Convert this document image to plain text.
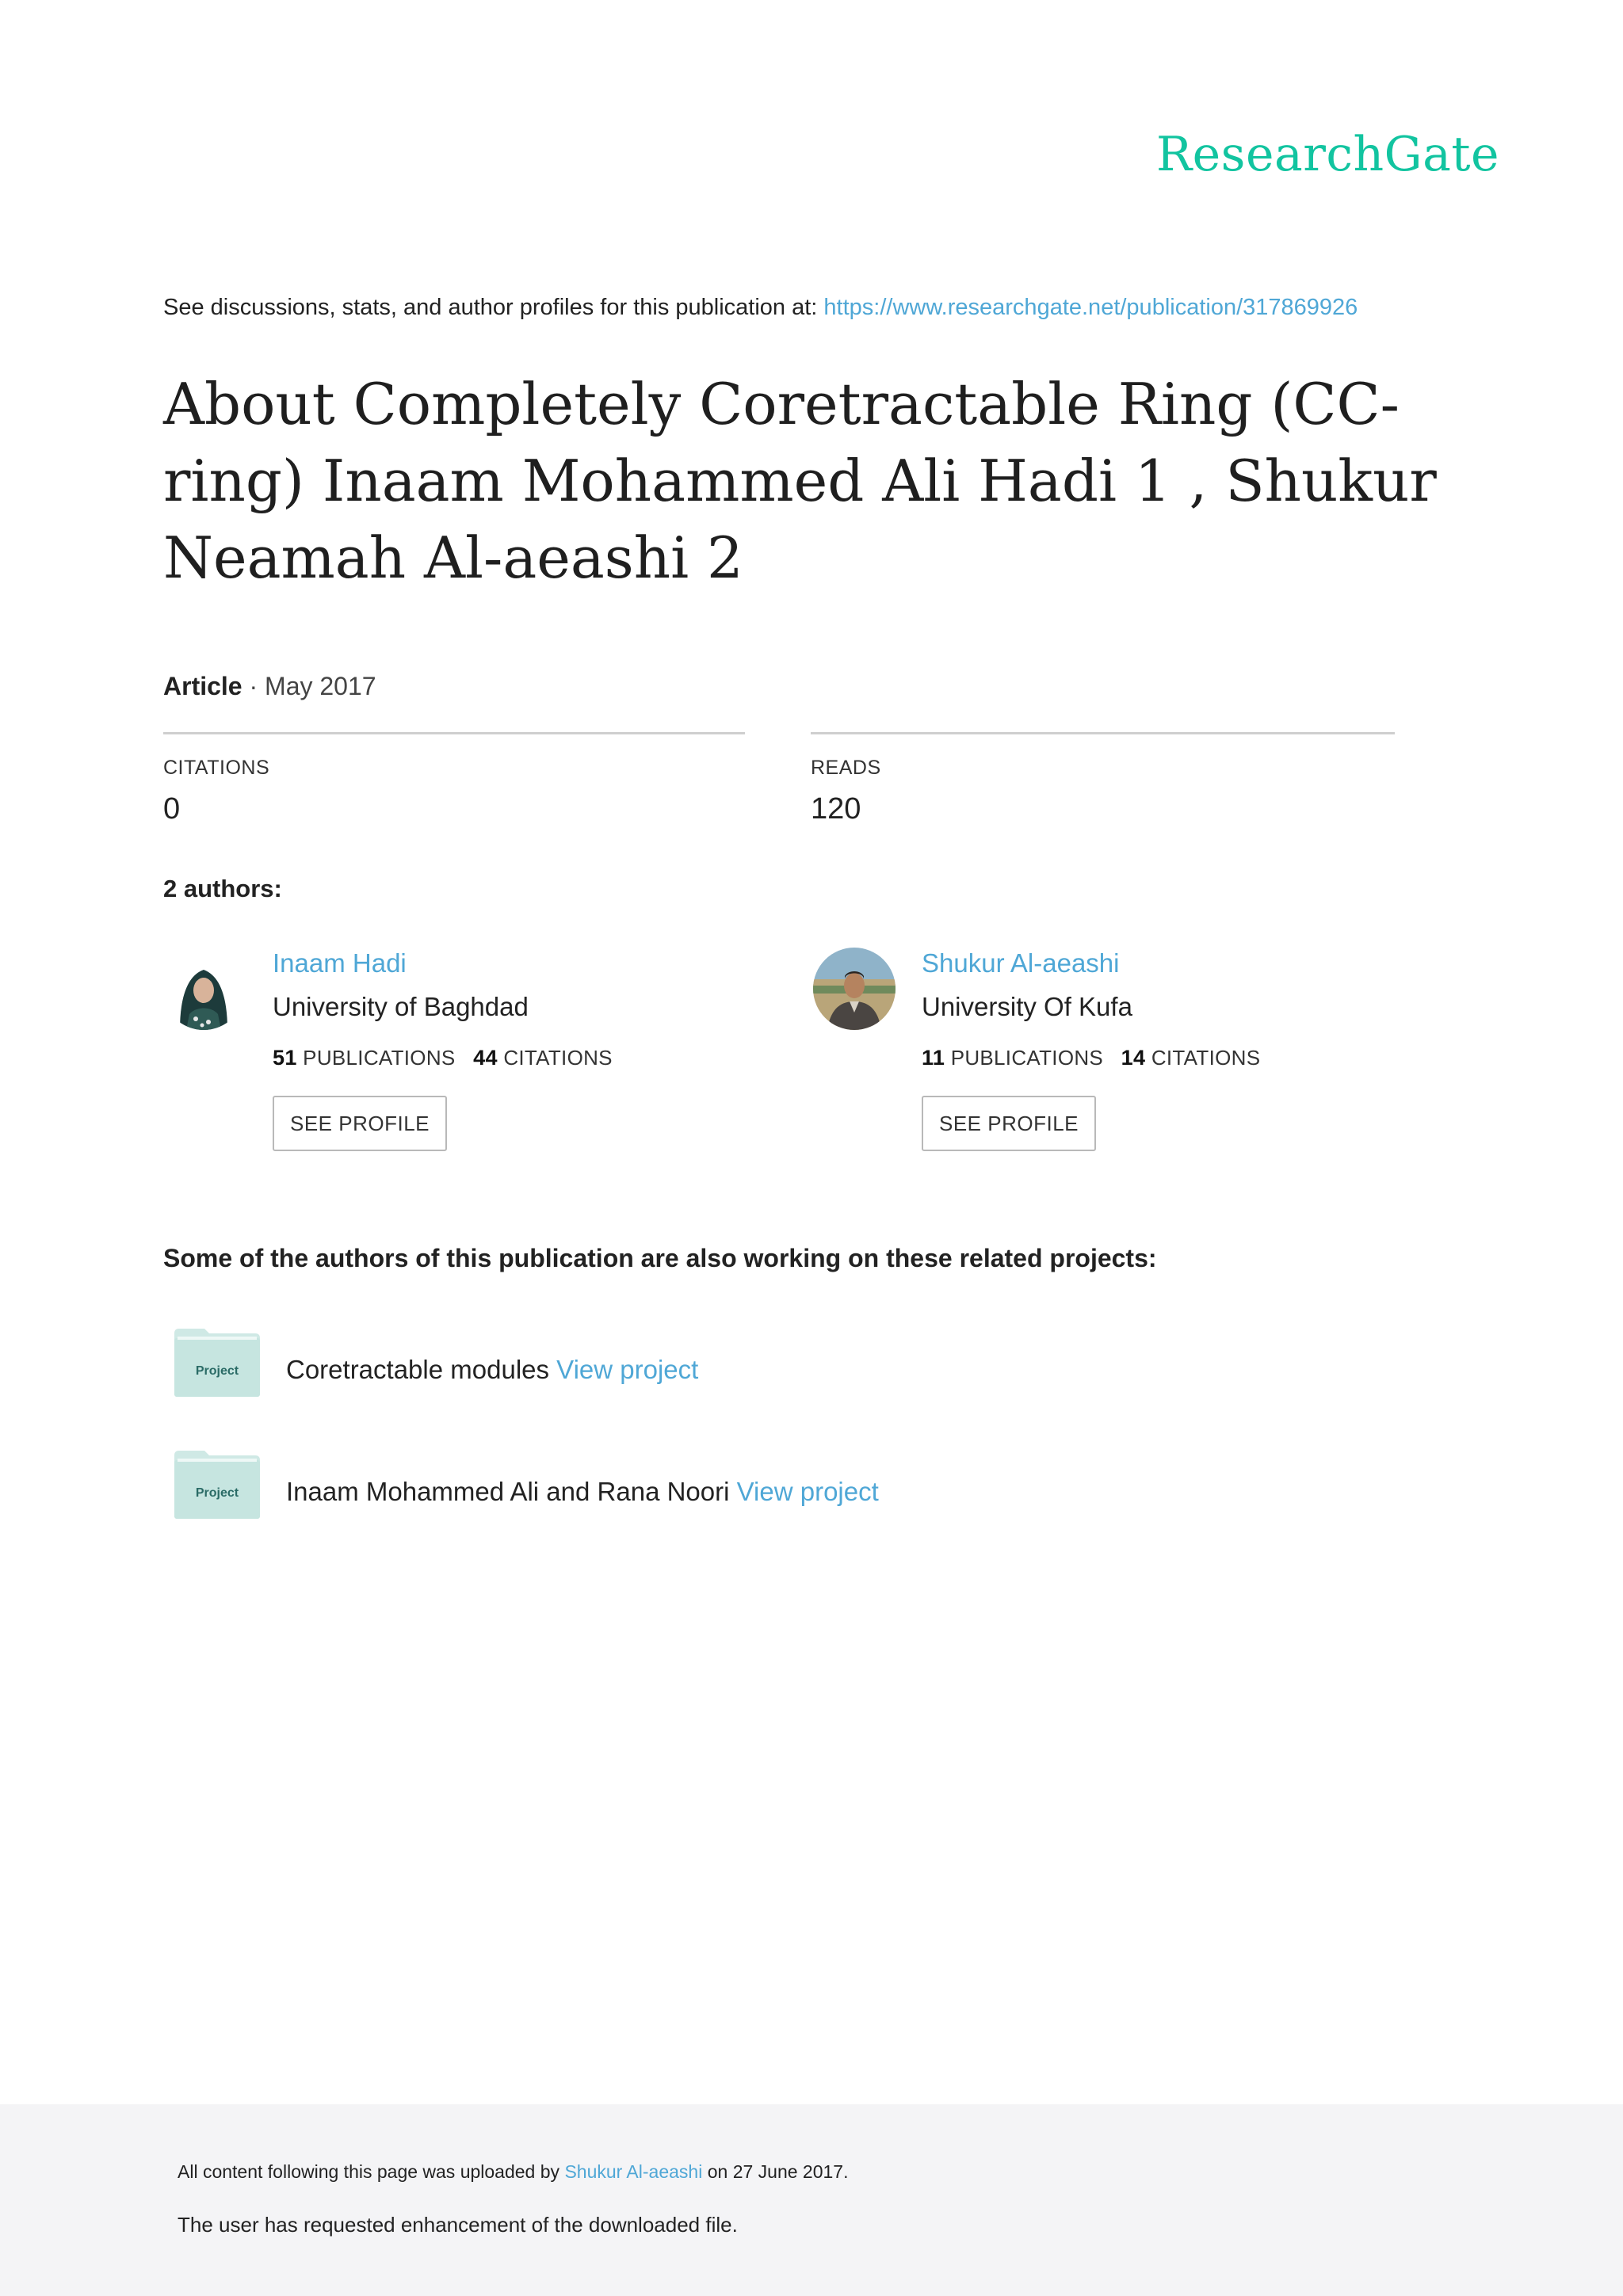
ResearchGate
See discussions, stats, and author profiles for this publication at: https://www.researchgate.net/publication/317869926
About Completely Coretractable Ring (CC-ring) Inaam Mohammed Ali Hadi 1 , Shukur Neamah Al-aeashi 2
Article · May 2017
CITATIONS
0
READS
120
2 authors:
Inaam Hadi
University of Baghdad
51 PUBLICATIONS 44 CITATIONS
SEE PROFILE
Shukur Al-aeashi
University Of Kufa
11 PUBLICATIONS 14 CITATIONS
SEE PROFILE
Some of the authors of this publication are also working on these related projects:
Project Coretractable modules View project
Project Inaam Mohammed Ali and Rana Noori View project
All content following this page was uploaded by Shukur Al-aeashi on 27 June 2017.
The user has requested enhancement of the downloaded file.
